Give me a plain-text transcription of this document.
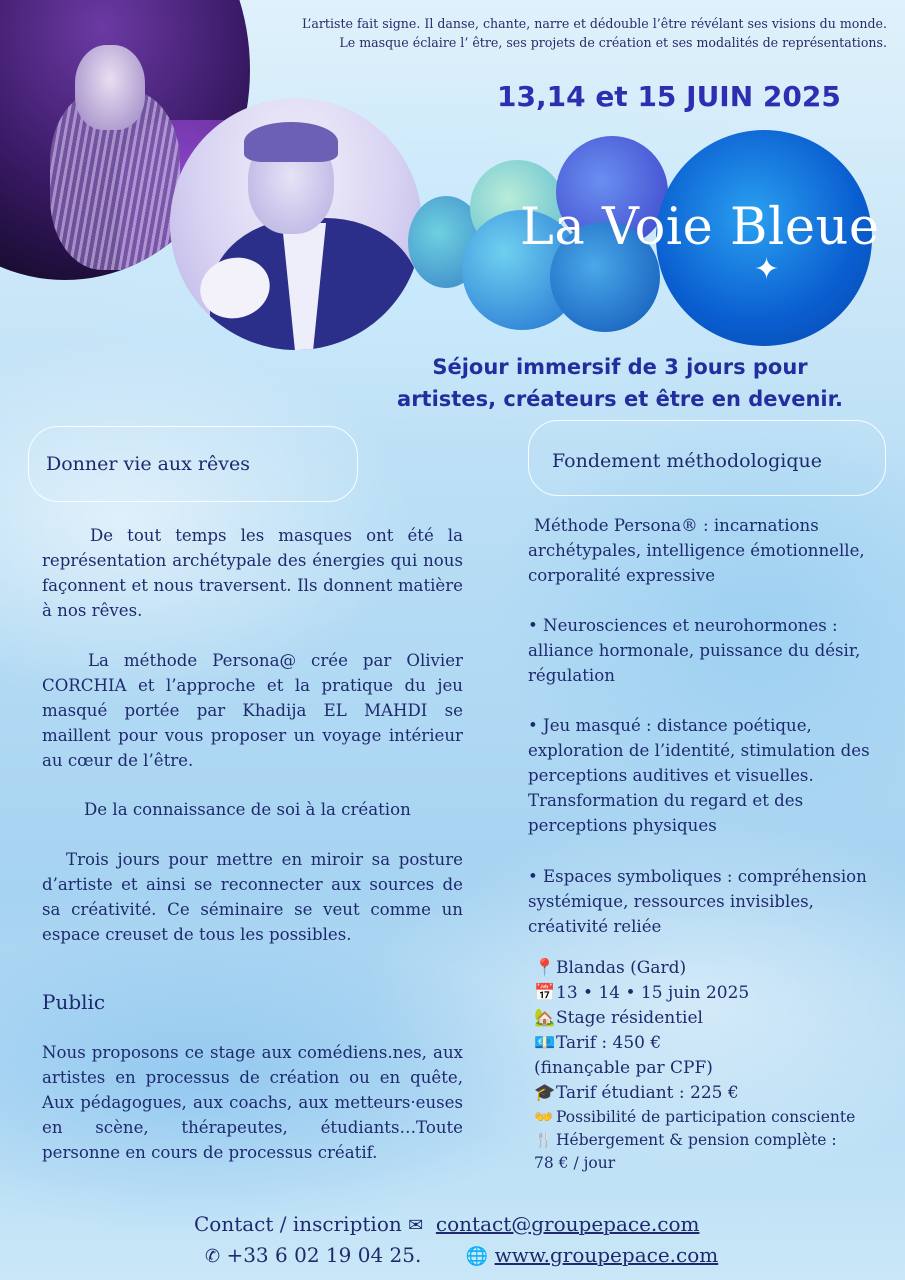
La Voie Bleue
✦
L’artiste fait signe. Il danse, chante, narre et dédouble l’être révélant ses visions du monde.
Le masque éclaire l’ être, ses projets de création et ses modalités de représentations.
13,14 et 15 JUIN 2025
Séjour immersif de 3 jours pour
artistes, créateurs et être en devenir.
Donner vie aux rêves	Fondement méthodologique
De tout temps les masques ont été la représentation archétypale des énergies qui nous façonnent et nous traversent. Ils donnent matière à nos rêves.
La méthode Persona@ crée par Olivier CORCHIA et l’approche et la pratique du jeu masqué portée par Khadija EL MAHDI se maillent pour vous proposer un voyage intérieur au cœur de l’être.
De la connaissance de soi à la création
Trois jours pour mettre en miroir sa posture d’artiste et ainsi se reconnecter aux sources de sa créativité. Ce séminaire se veut comme un espace creuset de tous les possibles.
Public
Nous proposons ce stage aux comédiens.nes, aux artistes en processus de création ou en quête, Aux pédagogues, aux coachs, aux metteurs·euses en scène, thérapeutes, étudiants…Toute personne en cours de processus créatif.
Méthode Persona® : incarnations archétypales, intelligence émotionnelle, corporalité expressive
• Neurosciences et neurohormones : alliance hormonale, puissance du désir, régulation
• Jeu masqué : distance poétique, exploration de l’identité, stimulation des perceptions auditives et visuelles. Transformation du regard et des perceptions physiques
• Espaces symboliques : compréhension systémique, ressources invisibles, créativité reliée
📍 Blandas (Gard)
📅 13 • 14 • 15 juin 2025
🏡 Stage résidentiel
💶 Tarif : 450 €
(finançable par CPF)
🎓 Tarif étudiant : 225 €
👐 Possibilité de participation consciente
🍴 Hébergement & pension complète :
78 € / jour
Contact / inscription ✉ contact@groupepace.com
✆ +33 6 02 19 04 25. 🌐 www.groupepace.com
